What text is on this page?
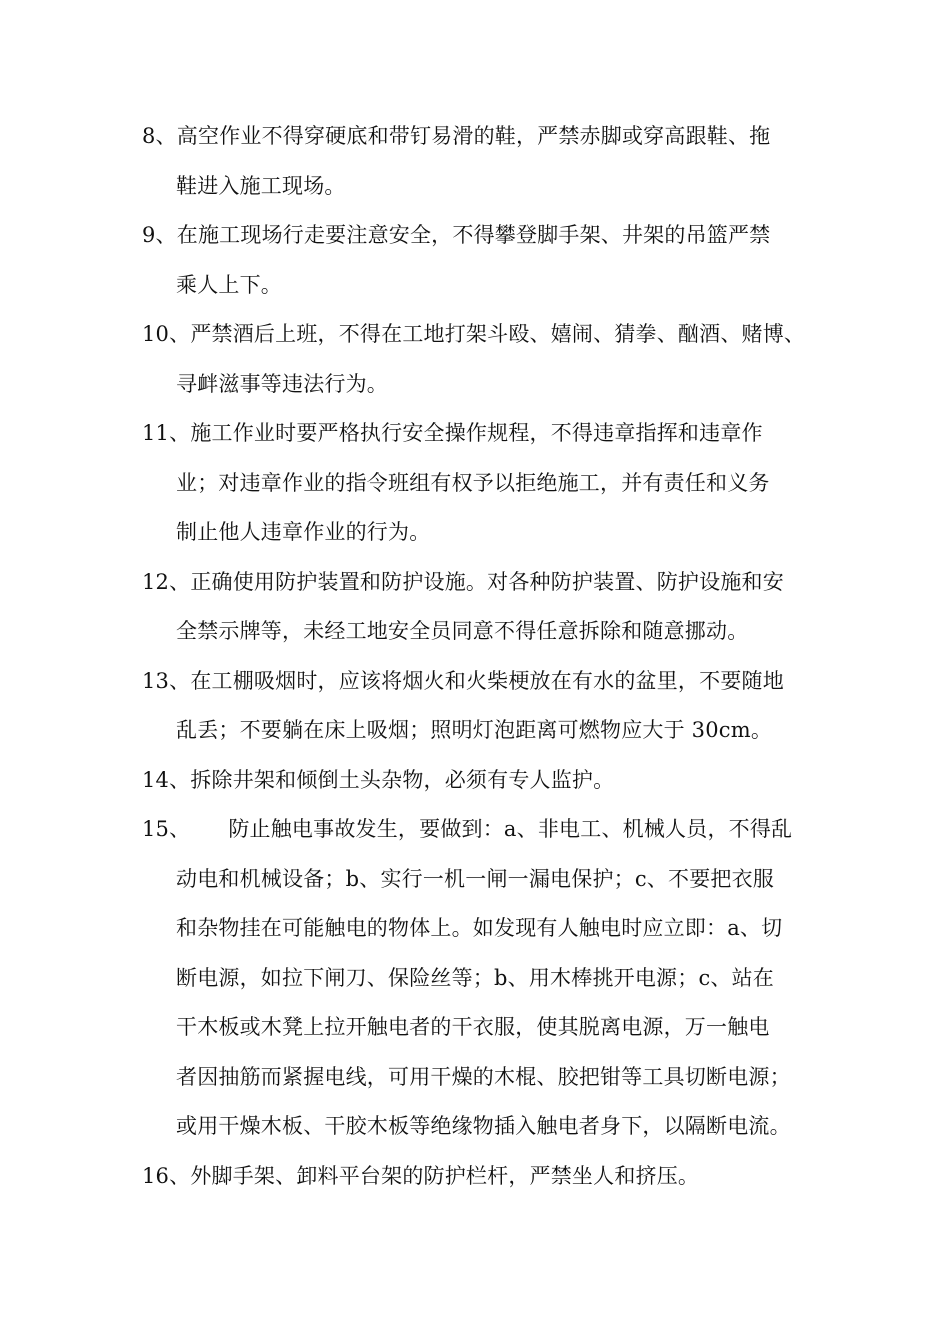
8、高空作业不得穿硬底和带钉易滑的鞋，严禁赤脚或穿高跟鞋、拖
鞋进入施工现场。
9、在施工现场行走要注意安全，不得攀登脚手架、井架的吊篮严禁
乘人上下。
10、严禁酒后上班，不得在工地打架斗殴、嬉闹、猜拳、酗酒、赌博、
寻衅滋事等违法行为。
11、施工作业时要严格执行安全操作规程，不得违章指挥和违章作
业；对违章作业的指令班组有权予以拒绝施工，并有责任和义务
制止他人违章作业的行为。
12、正确使用防护装置和防护设施。对各种防护装置、防护设施和安
全禁示牌等，未经工地安全员同意不得任意拆除和随意挪动。
13、在工棚吸烟时，应该将烟火和火柴梗放在有水的盆里，不要随地
乱丢；不要躺在床上吸烟；照明灯泡距离可燃物应大于 30cm。
14、拆除井架和倾倒土头杂物，必须有专人监护。
15、 防止触电事故发生，要做到：a、非电工、机械人员，不得乱
动电和机械设备；b、实行一机一闸一漏电保护；c、不要把衣服
和杂物挂在可能触电的物体上。如发现有人触电时应立即：a、切
断电源，如拉下闸刀、保险丝等；b、用木棒挑开电源；c、站在
干木板或木凳上拉开触电者的干衣服，使其脱离电源，万一触电
者因抽筋而紧握电线，可用干燥的木棍、胶把钳等工具切断电源；
或用干燥木板、干胶木板等绝缘物插入触电者身下，以隔断电流。
16、外脚手架、卸料平台架的防护栏杆，严禁坐人和挤压。
